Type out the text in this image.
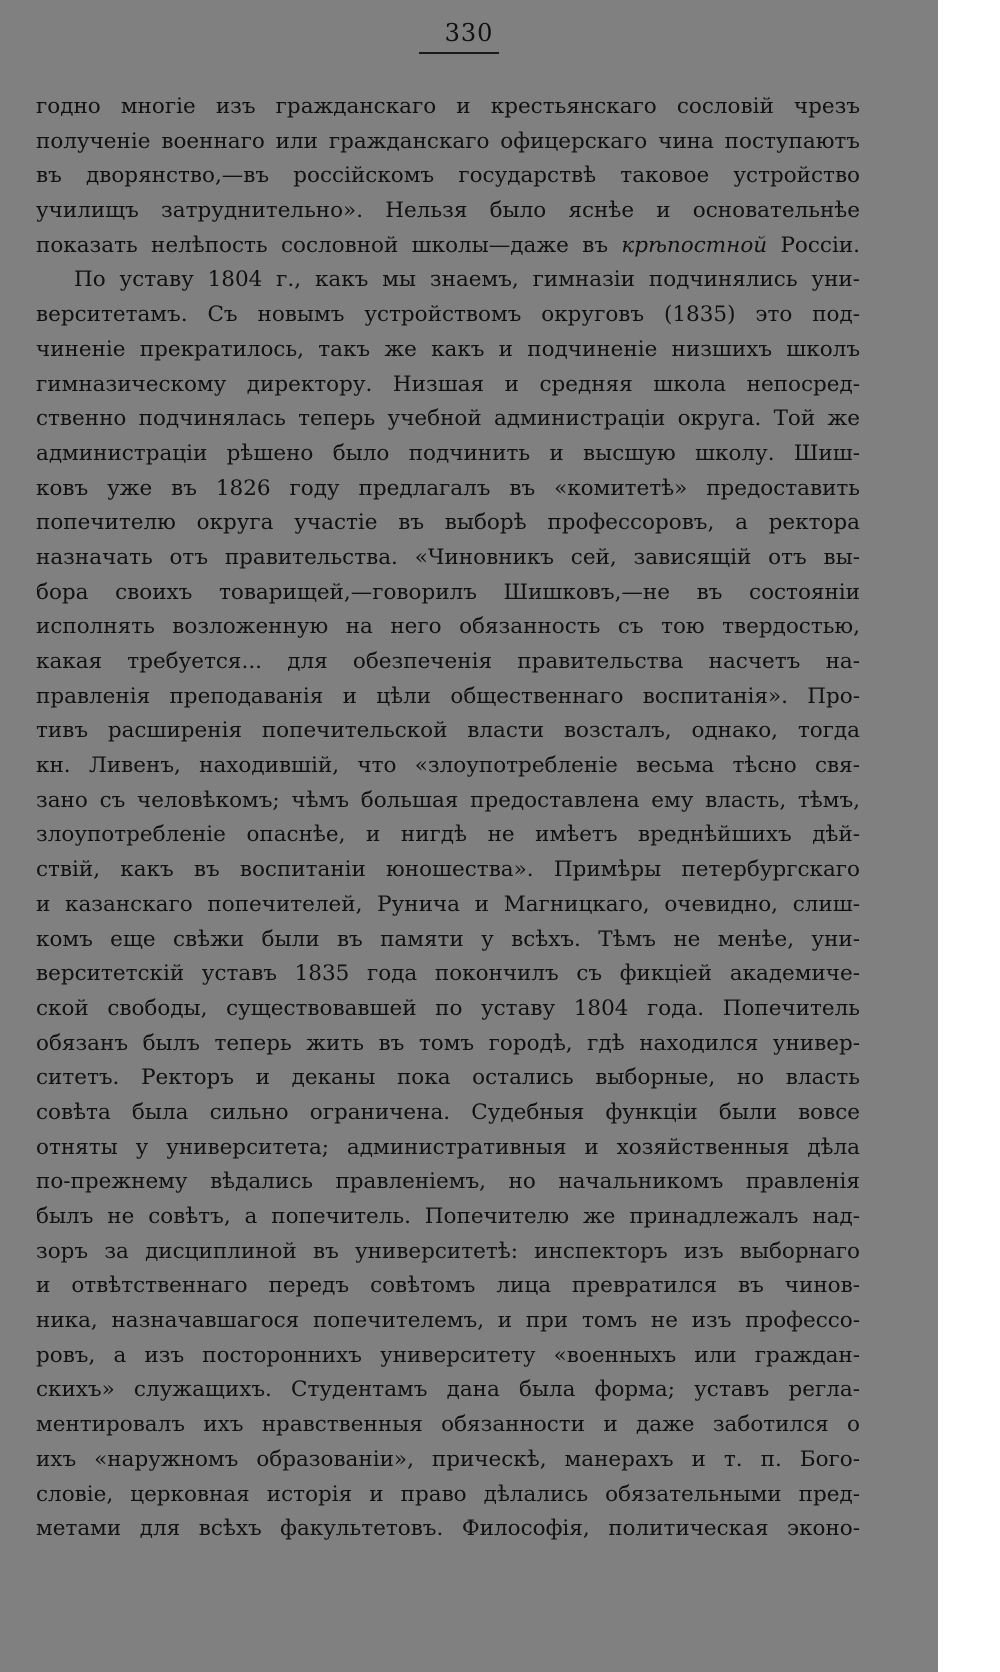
330
годно многіе изъ гражданскаго и крестьянскаго сословій чрезъ
полученіе военнаго или гражданскаго офицерскаго чина поступаютъ
въ дворянство,—въ россійскомъ государствѣ таковое устройство
училищъ затруднительно». Нельзя было яснѣе и основательнѣе
показать нелѣпость сословной школы—даже въ крѣпостной Россіи.
По уставу 1804 г., какъ мы знаемъ, гимназіи подчинялись уни-
верситетамъ. Съ новымъ устройствомъ округовъ (1835) это под-
чиненіе прекратилось, такъ же какъ и подчиненіе низшихъ школъ
гимназическому директору. Низшая и средняя школа непосред-
ственно подчинялась теперь учебной администраціи округа. Той же
администраціи рѣшено было подчинить и высшую школу. Шиш-
ковъ уже въ 1826 году предлагалъ въ «комитетѣ» предоставить
попечителю округа участіе въ выборѣ профессоровъ, а ректора
назначать отъ правительства. «Чиновникъ сей, зависящій отъ вы-
бора своихъ товарищей,—говорилъ Шишковъ,—не въ состояніи
исполнять возложенную на него обязанность съ тою твердостью,
какая требуется... для обезпеченія правительства насчетъ на-
правленія преподаванія и цѣли общественнаго воспитанія». Про-
тивъ расширенія попечительской власти возсталъ, однако, тогда
кн. Ливенъ, находившій, что «злоупотребленіе весьма тѣсно свя-
зано съ человѣкомъ; чѣмъ большая предоставлена ему власть, тѣмъ,
злоупотребленіе опаснѣе, и нигдѣ не имѣетъ вреднѣйшихъ дѣй-
ствій, какъ въ воспитаніи юношества». Примѣры петербургскаго
и казанскаго попечителей, Рунича и Магницкаго, очевидно, слиш-
комъ еще свѣжи были въ памяти у всѣхъ. Тѣмъ не менѣе, уни-
верситетскій уставъ 1835 года покончилъ съ фикціей академиче-
ской свободы, существовавшей по уставу 1804 года. Попечитель
обязанъ былъ теперь жить въ томъ городѣ, гдѣ находился универ-
ситетъ. Ректоръ и деканы пока остались выборные, но власть
совѣта была сильно ограничена. Судебныя функціи были вовсе
отняты у университета; административныя и хозяйственныя дѣла
по-прежнему вѣдались правленіемъ, но начальникомъ правленія
былъ не совѣтъ, а попечитель. Попечителю же принадлежалъ над-
зоръ за дисциплиной въ университетѣ: инспекторъ изъ выборнаго
и отвѣтственнаго передъ совѣтомъ лица превратился въ чинов-
ника, назначавшагося попечителемъ, и при томъ не изъ профессо-
ровъ, а изъ постороннихъ университету «военныхъ или граждан-
скихъ» служащихъ. Студентамъ дана была форма; уставъ регла-
ментировалъ ихъ нравственныя обязанности и даже заботился о
ихъ «наружномъ образованіи», прическѣ, манерахъ и т. п. Бого-
словіе, церковная исторія и право дѣлались обязательными пред-
метами для всѣхъ факультетовъ. Философія, политическая эконо-
